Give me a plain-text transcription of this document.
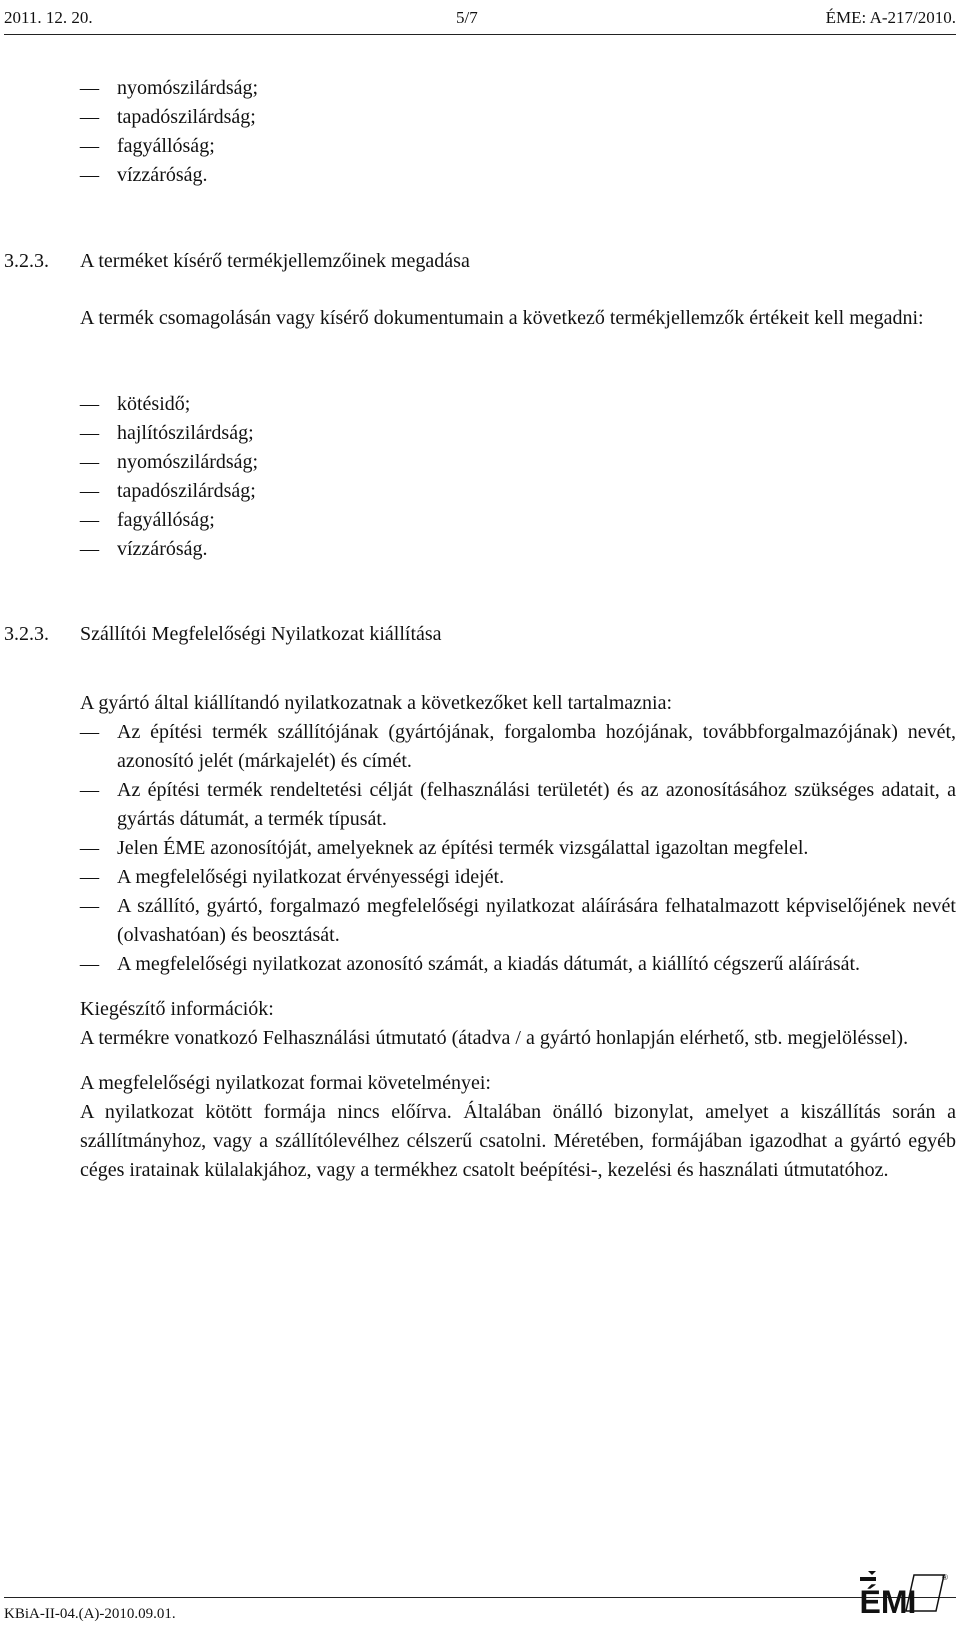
2011. 12. 20.	5/7	ÉME: A-217/2010.
– nyomószilárdság;
– tapadószilárdság;
– fagyállóság;
– vízzáróság.
3.2.3. A terméket kísérő termékjellemzőinek megadása

A termék csomagolásán vagy kísérő dokumentumain a következő termékjellemzők értékeit kell megadni:

– kötésidő;
– hajlítószilárdság;
– nyomószilárdság;
– tapadószilárdság;
– fagyállóság;
– vízzáróság.
3.2.3. Szállítói Megfelelőségi Nyilatkozat kiállítása

A gyártó által kiállítandó nyilatkozatnak a következőket kell tartalmaznia:

– Az építési termék szállítójának (gyártójának, forgalomba hozójának, továbbforgalmazójának) nevét, azonosító jelét (márkajelét) és címét.
– Az építési termék rendeltetési célját (felhasználási területét) és az azonosításához szükséges adatait, a gyártás dátumát, a termék típusát.
– Jelen ÉME azonosítóját, amelyeknek az építési termék vizsgálattal igazoltan megfelel.
– A megfelelőségi nyilatkozat érvényességi idejét.
– A szállító, gyártó, forgalmazó megfelelőségi nyilatkozat aláírására felhatalmazott képviselőjének nevét (olvashatóan) és beosztását.
– A megfelelőségi nyilatkozat azonosító számát, a kiadás dátumát, a kiállító cégszerű aláírását.

Kiegészítő információk:

A termékre vonatkozó Felhasználási útmutató (átadva / a gyártó honlapján elérhető, stb. megjelöléssel).

A megfelelőségi nyilatkozat formai követelményei:

A nyilatkozat kötött formája nincs előírva. Általában önálló bizonylat, amelyet a kiszállítás során a szállítmányhoz, vagy a szállítólevélhez célszerű csatolni. Méretében, formájában igazodhat a gyártó egyéb céges iratainak külalakjához, vagy a termékhez csatolt beépítési-, kezelési és használati útmutatóhoz.

KBiA-II-04.(A)-2010.09.01.	ÉMI
®
